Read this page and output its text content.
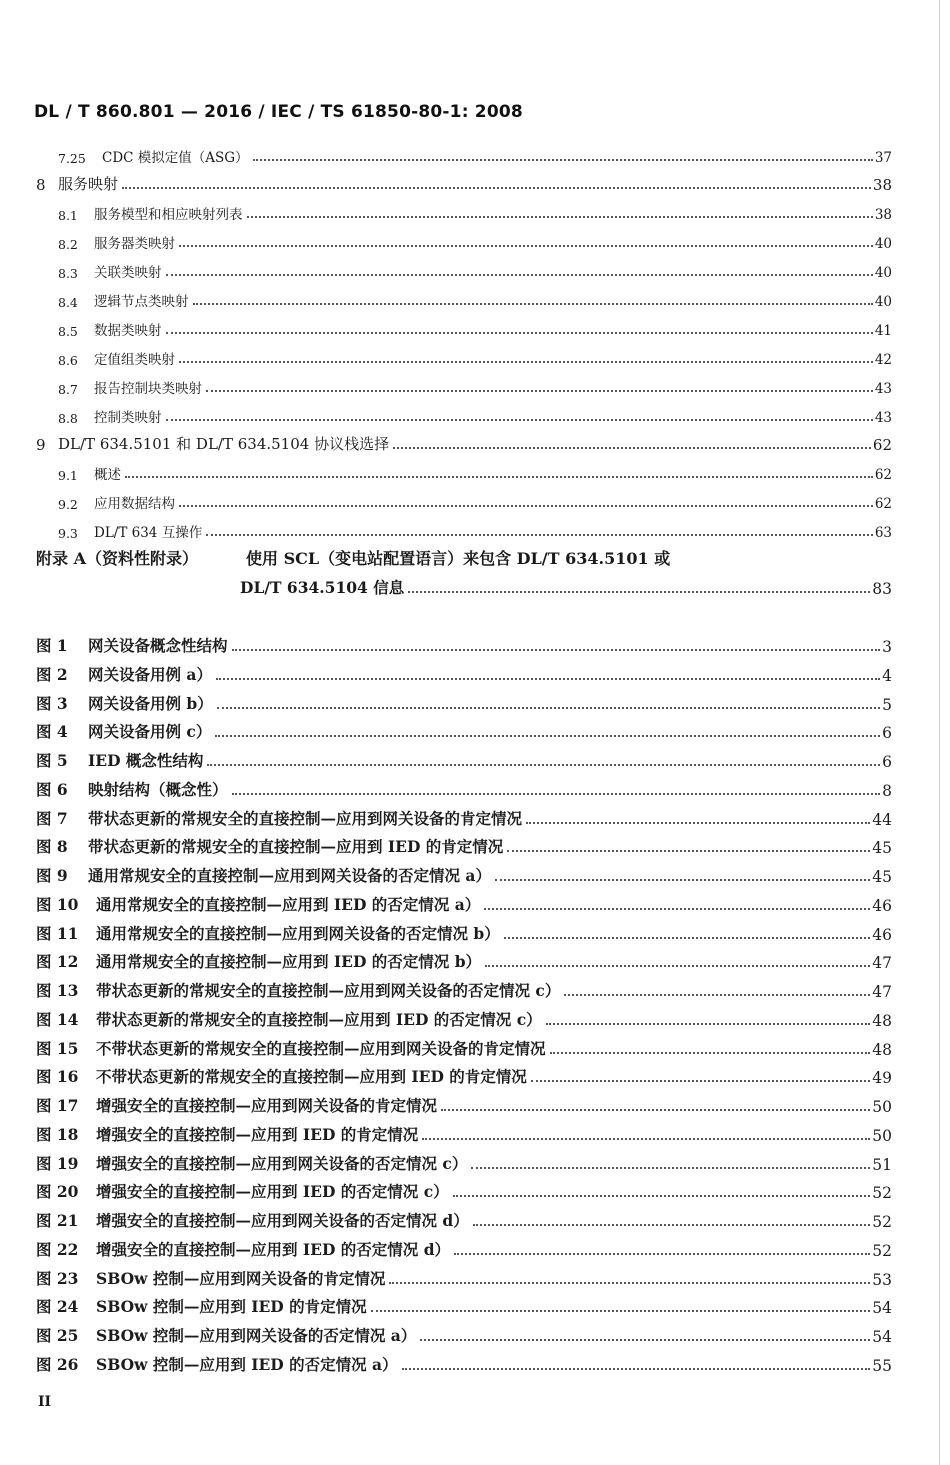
DL / T 860.801 — 2016 / IEC / TS 61850-80-1: 2008
7.25	CDC 模拟定值（ASG）	37
8 服务映射	38
8.1	服务模型和相应映射列表	38
8.2	服务器类映射	40
8.3	关联类映射	40
8.4	逻辑节点类映射	40
8.5	数据类映射	41
8.6	定值组类映射	42
8.7	报告控制块类映射	43
8.8	控制类映射	43
9 DL/T 634.5101 和 DL/T 634.5104 协议栈选择	62
9.1	概述	62
9.2	应用数据结构	62
9.3	DL/T 634 互操作	63
附录 A（资料性附录）	使用 SCL（变电站配置语言）来包含 DL/T 634.5101 或
DL/T 634.5104 信息	83
图 1	网关设备概念性结构	3
图 2	网关设备用例 a）	4
图 3	网关设备用例 b）	5
图 4	网关设备用例 c）	6
图 5	IED 概念性结构	6
图 6	映射结构（概念性）	8
图 7	带状态更新的常规安全的直接控制—应用到网关设备的肯定情况	44
图 8	带状态更新的常规安全的直接控制—应用到 IED 的肯定情况	45
图 9	通用常规安全的直接控制—应用到网关设备的否定情况 a）	45
图 10	通用常规安全的直接控制—应用到 IED 的否定情况 a）	46
图 11	通用常规安全的直接控制—应用到网关设备的否定情况 b）	46
图 12	通用常规安全的直接控制—应用到 IED 的否定情况 b）	47
图 13	带状态更新的常规安全的直接控制—应用到网关设备的否定情况 c）	47
图 14	带状态更新的常规安全的直接控制—应用到 IED 的否定情况 c）	48
图 15	不带状态更新的常规安全的直接控制—应用到网关设备的肯定情况	48
图 16	不带状态更新的常规安全的直接控制—应用到 IED 的肯定情况	49
图 17	增强安全的直接控制—应用到网关设备的肯定情况	50
图 18	增强安全的直接控制—应用到 IED 的肯定情况	50
图 19	增强安全的直接控制—应用到网关设备的否定情况 c）	51
图 20	增强安全的直接控制—应用到 IED 的否定情况 c）	52
图 21	增强安全的直接控制—应用到网关设备的否定情况 d）	52
图 22	增强安全的直接控制—应用到 IED 的否定情况 d）	52
图 23	SBOw 控制—应用到网关设备的肯定情况	53
图 24	SBOw 控制—应用到 IED 的肯定情况	54
图 25	SBOw 控制—应用到网关设备的否定情况 a）	54
图 26	SBOw 控制—应用到 IED 的否定情况 a）	55
II
